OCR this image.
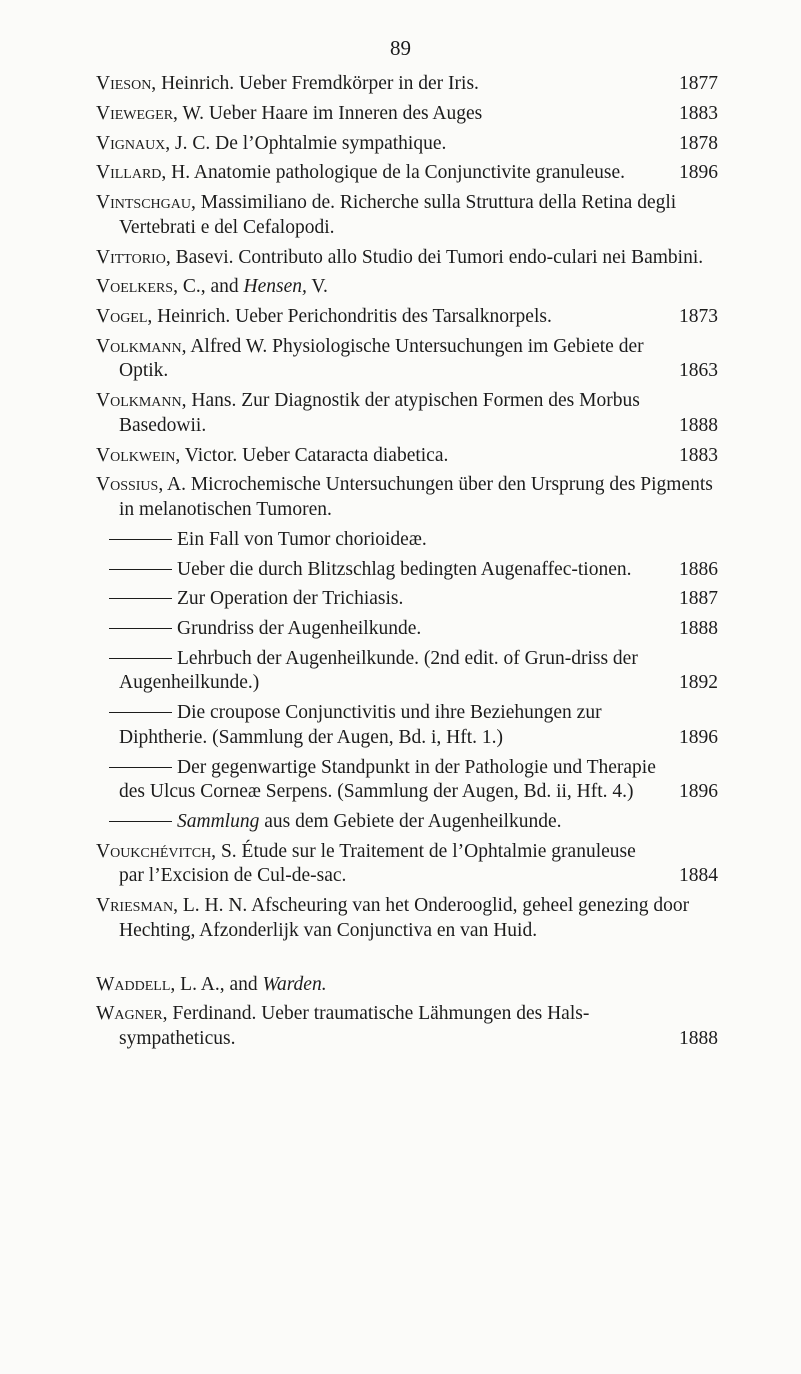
89
Vieson, Heinrich. Ueber Fremdkörper in der Iris.	1877
Vieweger, W. Ueber Haare im Inneren des Auges	1883
Vignaux, J. C. De l’Ophtalmie sympathique.	1878
Villard, H. Anatomie pathologique de la Conjunctivite granuleuse.	1896
Vintschgau, Massimiliano de. Richerche sulla Struttura della Retina degli Vertebrati e del Cefalopodi.
Vittorio, Basevi. Contributo allo Studio dei Tumori endo-culari nei Bambini.
Voelkers, C., and Hensen, V.
Vogel, Heinrich. Ueber Perichondritis des Tarsalknorpels.	1873
Volkmann, Alfred W. Physiologische Untersuchungen im Gebiete der Optik.	1863
Volkmann, Hans. Zur Diagnostik der atypischen Formen des Morbus Basedowii.	1888
Volkwein, Victor. Ueber Cataracta diabetica.	1883
Vossius, A. Microchemische Untersuchungen über den Ursprung des Pigments in melanotischen Tumoren.
Ein Fall von Tumor chorioideæ.
Ueber die durch Blitzschlag bedingten Augenaffec-tionen.	1886
Zur Operation der Trichiasis.	1887
Grundriss der Augenheilkunde.	1888
Lehrbuch der Augenheilkunde. (2nd edit. of Grun-driss der Augenheilkunde.)	1892
Die croupose Conjunctivitis und ihre Beziehungen zur Diphtherie. (Sammlung der Augen, Bd. i, Hft. 1.)	1896
Der gegenwartige Standpunkt in der Pathologie und Therapie des Ulcus Corneæ Serpens. (Sammlung der Augen, Bd. ii, Hft. 4.)	1896
Sammlung aus dem Gebiete der Augenheilkunde.
Voukchévitch, S. Étude sur le Traitement de l’Ophtalmie granuleuse par l’Excision de Cul-de-sac.	1884
Vriesman, L. H. N. Afscheuring van het Onderooglid, geheel genezing door Hechting, Afzonderlijk van Conjunctiva en van Huid.
Waddell, L. A., and Warden.
Wagner, Ferdinand. Ueber traumatische Lähmungen des Hals-sympatheticus.	1888
